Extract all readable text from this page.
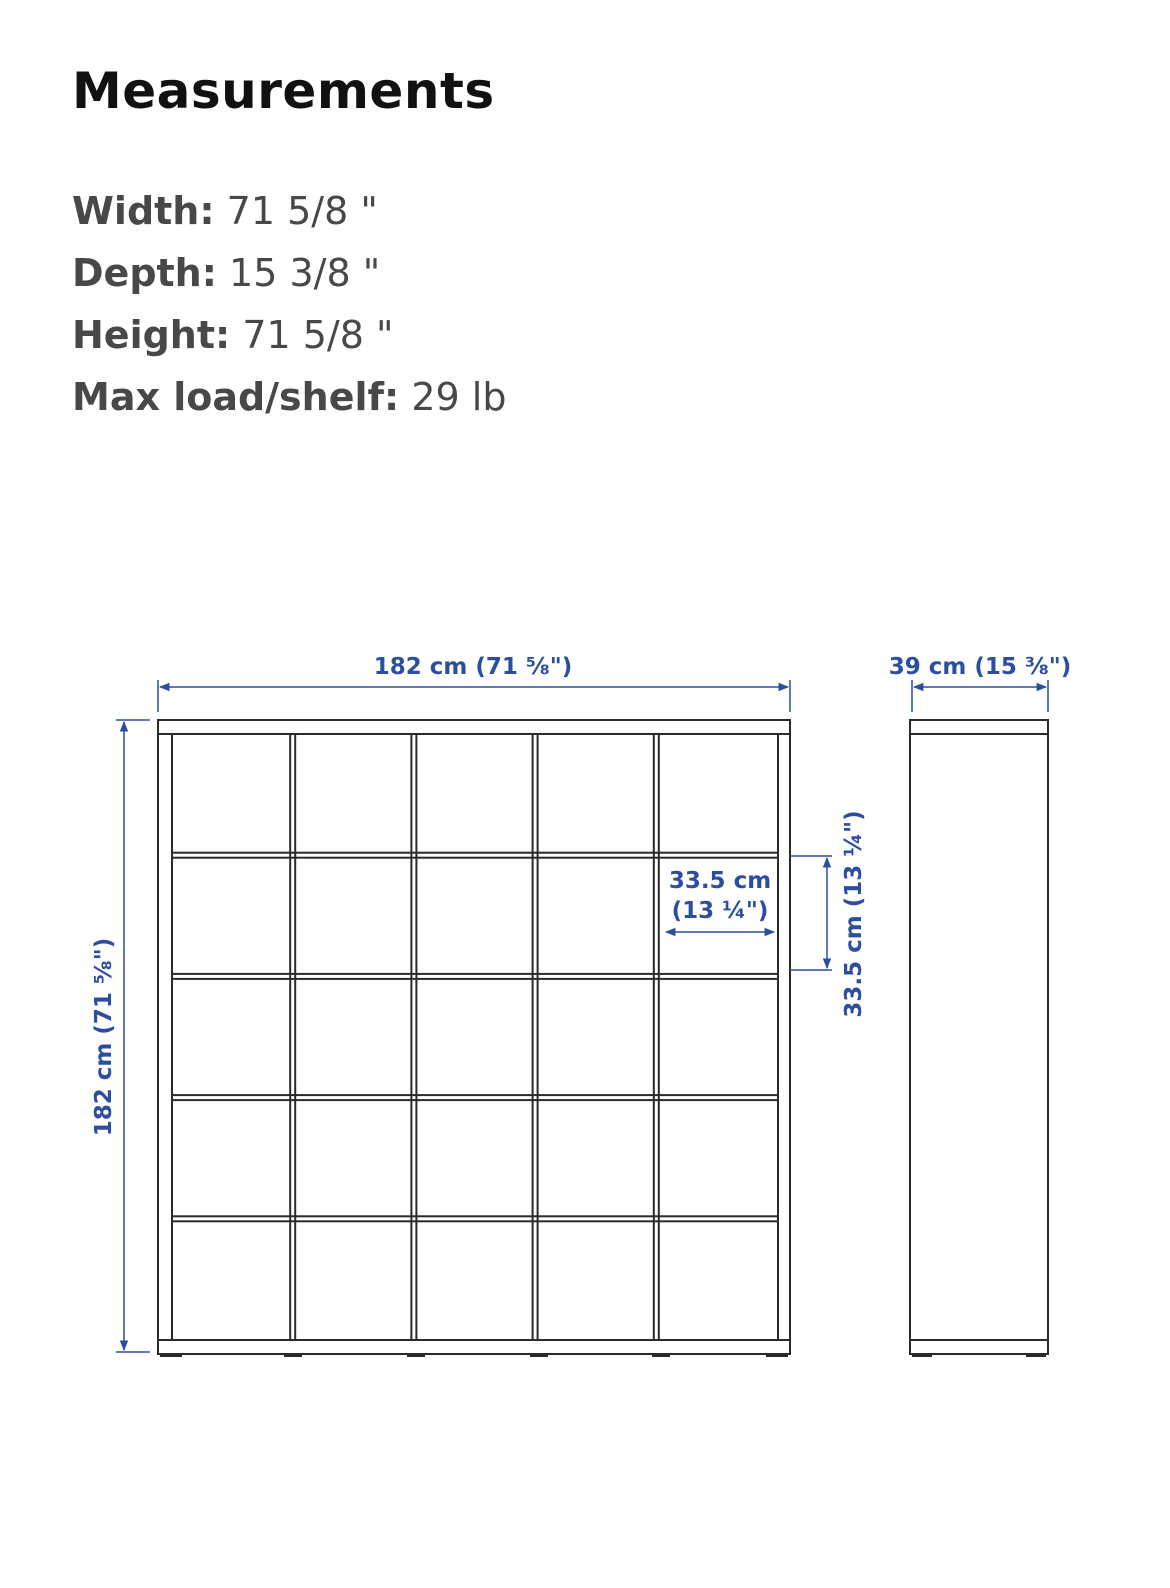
Measurements
Width: 71 5/8 "
Depth: 15 3/8 "
Height: 71 5/8 "
Max load/shelf: 29 lb
182 cm (71 ⅝")	39 cm (15 ⅜")
33.5 cm
(13 ¼")
182 cm (71 ⅝")
33.5 cm (13 ¼")
